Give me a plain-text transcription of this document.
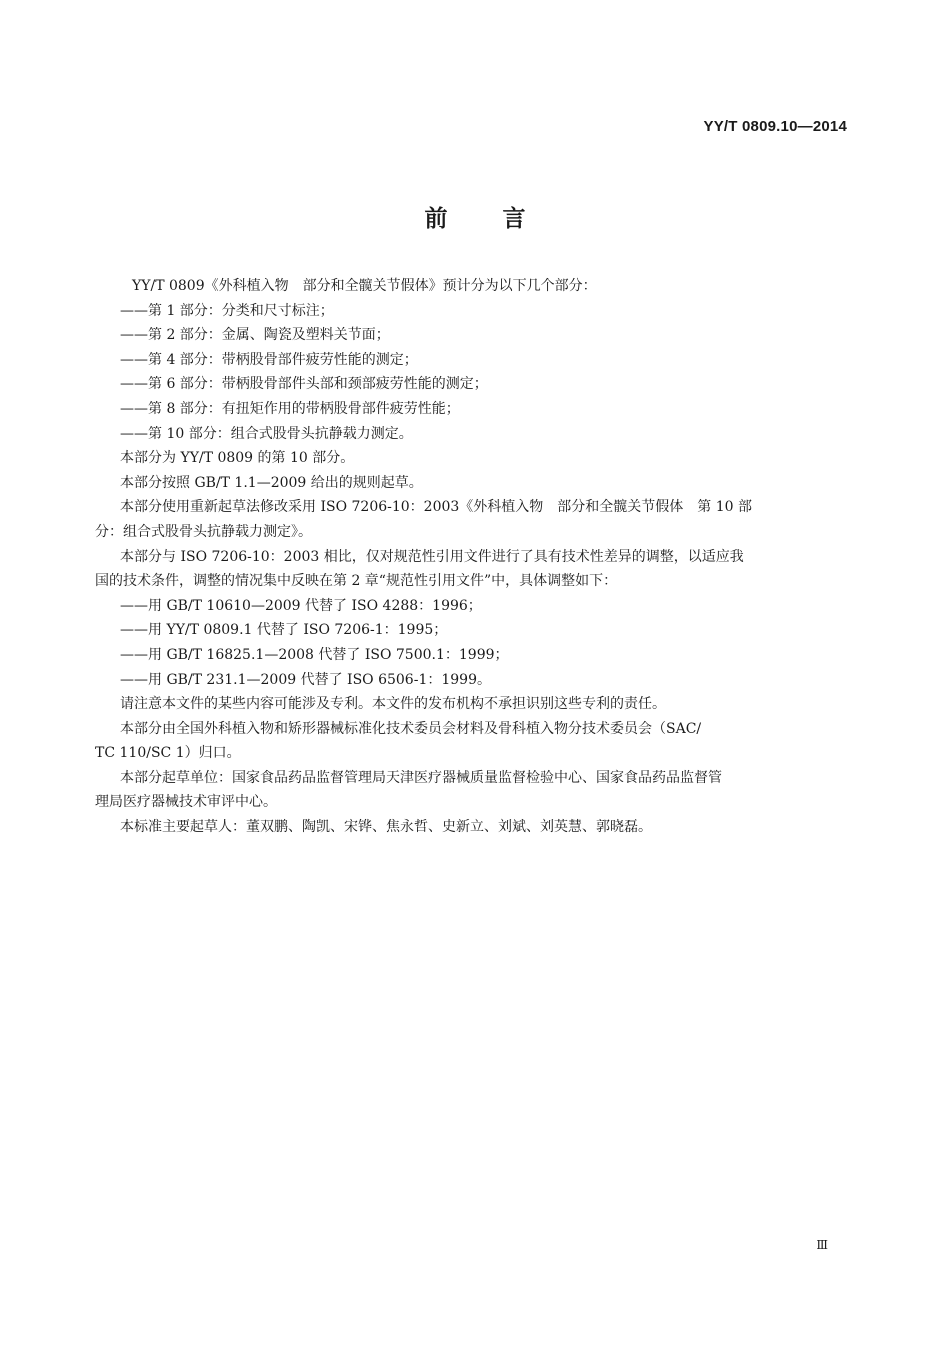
YY/T 0809.10—2014
前言
YY/T 0809《外科植入物　部分和全髋关节假体》预计分为以下几个部分：
——第 1 部分：分类和尺寸标注；
——第 2 部分：金属、陶瓷及塑料关节面；
——第 4 部分：带柄股骨部件疲劳性能的测定；
——第 6 部分：带柄股骨部件头部和颈部疲劳性能的测定；
——第 8 部分：有扭矩作用的带柄股骨部件疲劳性能；
——第 10 部分：组合式股骨头抗静载力测定。
本部分为 YY/T 0809 的第 10 部分。
本部分按照 GB/T 1.1—2009 给出的规则起草。
本部分使用重新起草法修改采用 ISO 7206-10：2003《外科植入物　部分和全髋关节假体　第 10 部
分：组合式股骨头抗静载力测定》。
本部分与 ISO 7206-10：2003 相比，仅对规范性引用文件进行了具有技术性差异的调整，以适应我
国的技术条件，调整的情况集中反映在第 2 章“规范性引用文件”中，具体调整如下：
——用 GB/T 10610—2009 代替了 ISO 4288：1996；
——用 YY/T 0809.1 代替了 ISO 7206-1：1995；
——用 GB/T 16825.1—2008 代替了 ISO 7500.1：1999；
——用 GB/T 231.1—2009 代替了 ISO 6506-1：1999。
请注意本文件的某些内容可能涉及专利。本文件的发布机构不承担识别这些专利的责任。
本部分由全国外科植入物和矫形器械标准化技术委员会材料及骨科植入物分技术委员会（SAC/
TC 110/SC 1）归口。
本部分起草单位：国家食品药品监督管理局天津医疗器械质量监督检验中心、国家食品药品监督管
理局医疗器械技术审评中心。
本标准主要起草人：董双鹏、陶凯、宋铧、焦永哲、史新立、刘斌、刘英慧、郭晓磊。
Ⅲ
